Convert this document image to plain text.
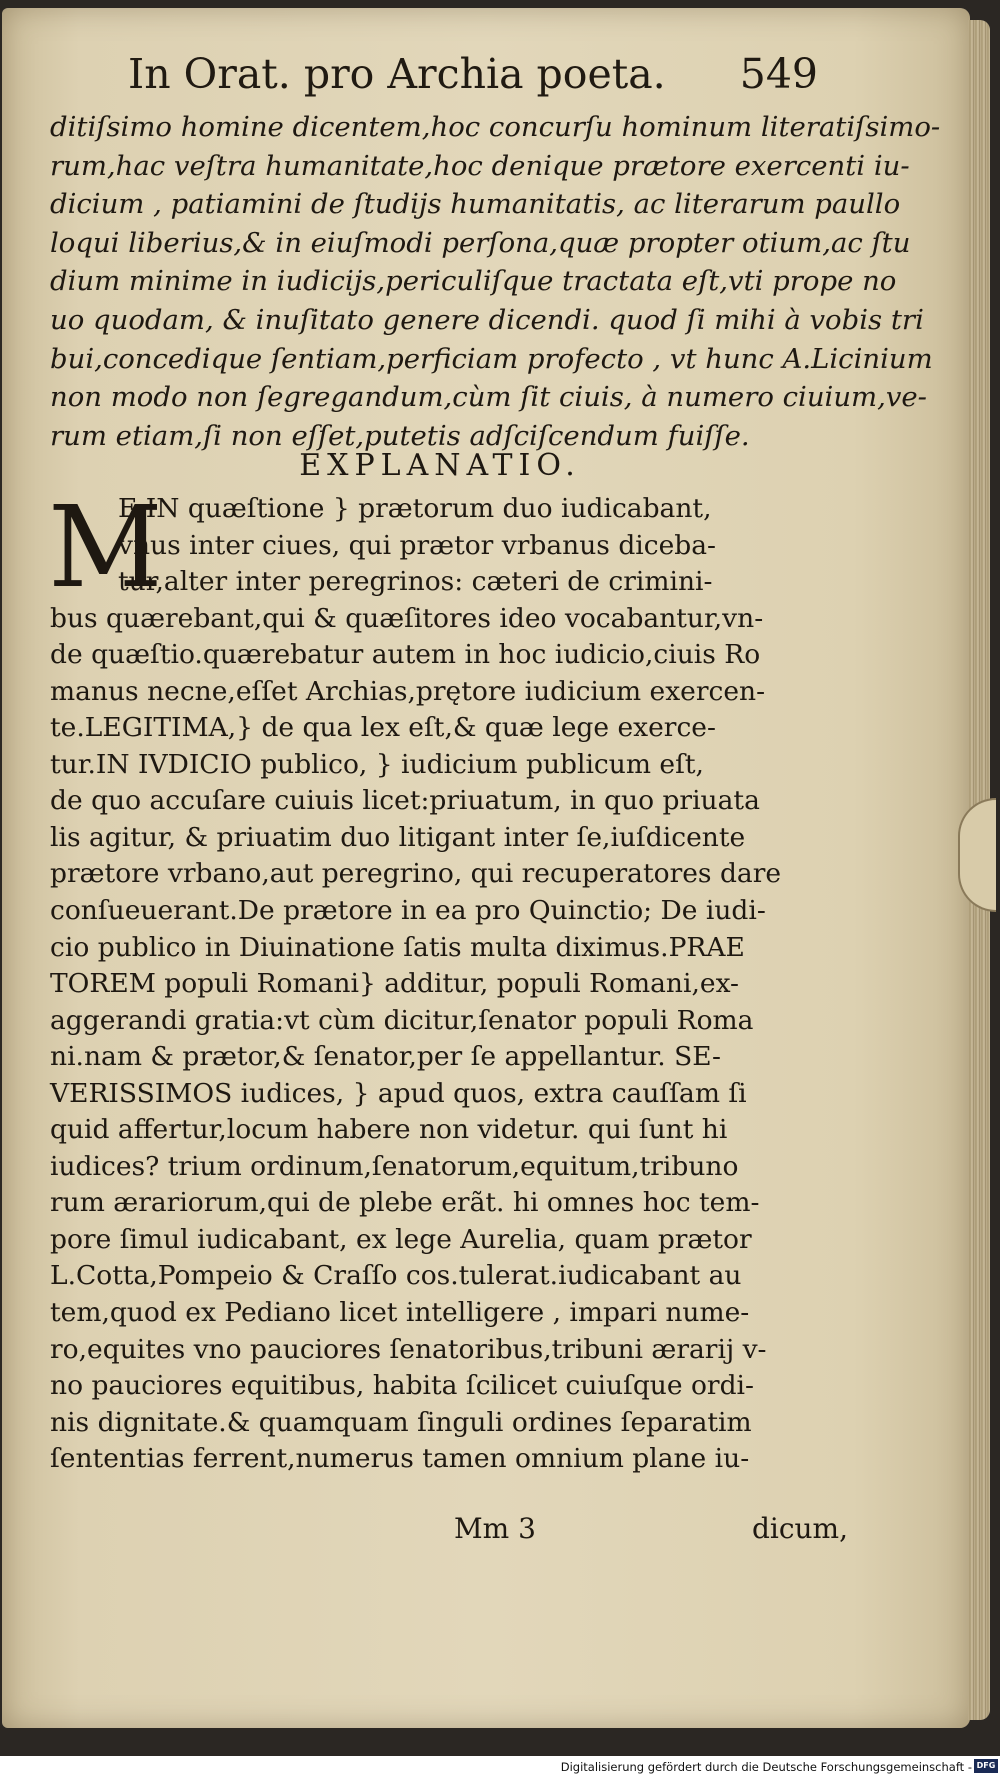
In Orat. pro Archia poeta. 549
ditiſsimo homine dicentem,hoc concurſu hominum literatiſsimo-
rum,hac veſtra humanitate,hoc denique prætore exercenti iu-
dicium , patiamini de ſtudijs humanitatis, ac literarum paullo
loqui liberius,& in eiuſmodi perſona,quæ propter otium,ac ſtu
dium minime in iudicijs,periculiſque tractata eſt,vti prope no
uo quodam, & inuſitato genere dicendi. quod ſi mihi à vobis tri
bui,concedique ſentiam,perficiam profecto , vt hunc A.Licinium
non modo non ſegregandum,cùm ſit ciuis, à numero ciuium,ve-
rum etiam,ſi non eſſet,putetis adſciſcendum fuiſſe.
EXPLANATIO.
M
E IN quæſtione } prætorum duo iudicabant,
vnus inter ciues, qui prætor vrbanus diceba-
tur,alter inter peregrinos: cæteri de crimini-
bus quærebant,qui & quæſitores ideo vocabantur,vn-
de quæſtio.quærebatur autem in hoc iudicio,ciuis Ro
manus necne,eſſet Archias,prętore iudicium exercen-
te.LEGITIMA,} de qua lex eſt,& quæ lege exerce-
tur.IN IVDICIO publico, } iudicium publicum eſt,
de quo accuſare cuiuis licet:priuatum, in quo priuata
lis agitur, & priuatim duo litigant inter ſe,iuſdicente
prætore vrbano,aut peregrino, qui recuperatores dare
conſueuerant.De prætore in ea pro Quinctio; De iudi-
cio publico in Diuinatione ſatis multa diximus.PRAE
TOREM populi Romani} additur, populi Romani,ex-
aggerandi gratia:vt cùm dicitur,ſenator populi Roma
ni.nam & prætor,& ſenator,per ſe appellantur. SE-
VERISSIMOS iudices, } apud quos, extra cauſſam ſi
quid affertur,locum habere non videtur. qui ſunt hi
iudices? trium ordinum,ſenatorum,equitum,tribuno
rum ærariorum,qui de plebe erãt. hi omnes hoc tem-
pore ſimul iudicabant, ex lege Aurelia, quam prætor
L.Cotta,Pompeio & Craſſo cos.tulerat.iudicabant au
tem,quod ex Pediano licet intelligere , impari nume-
ro,equites vno pauciores ſenatoribus,tribuni ærarij v-
no pauciores equitibus, habita ſcilicet cuiuſque ordi-
nis dignitate.& quamquam ſinguli ordines ſeparatim
ſententias ferrent,numerus tamen omnium plane iu-
Mm 3	dicum,
Digitalisierung gefördert durch die Deutsche Forschungsgemeinschaft - DFG
